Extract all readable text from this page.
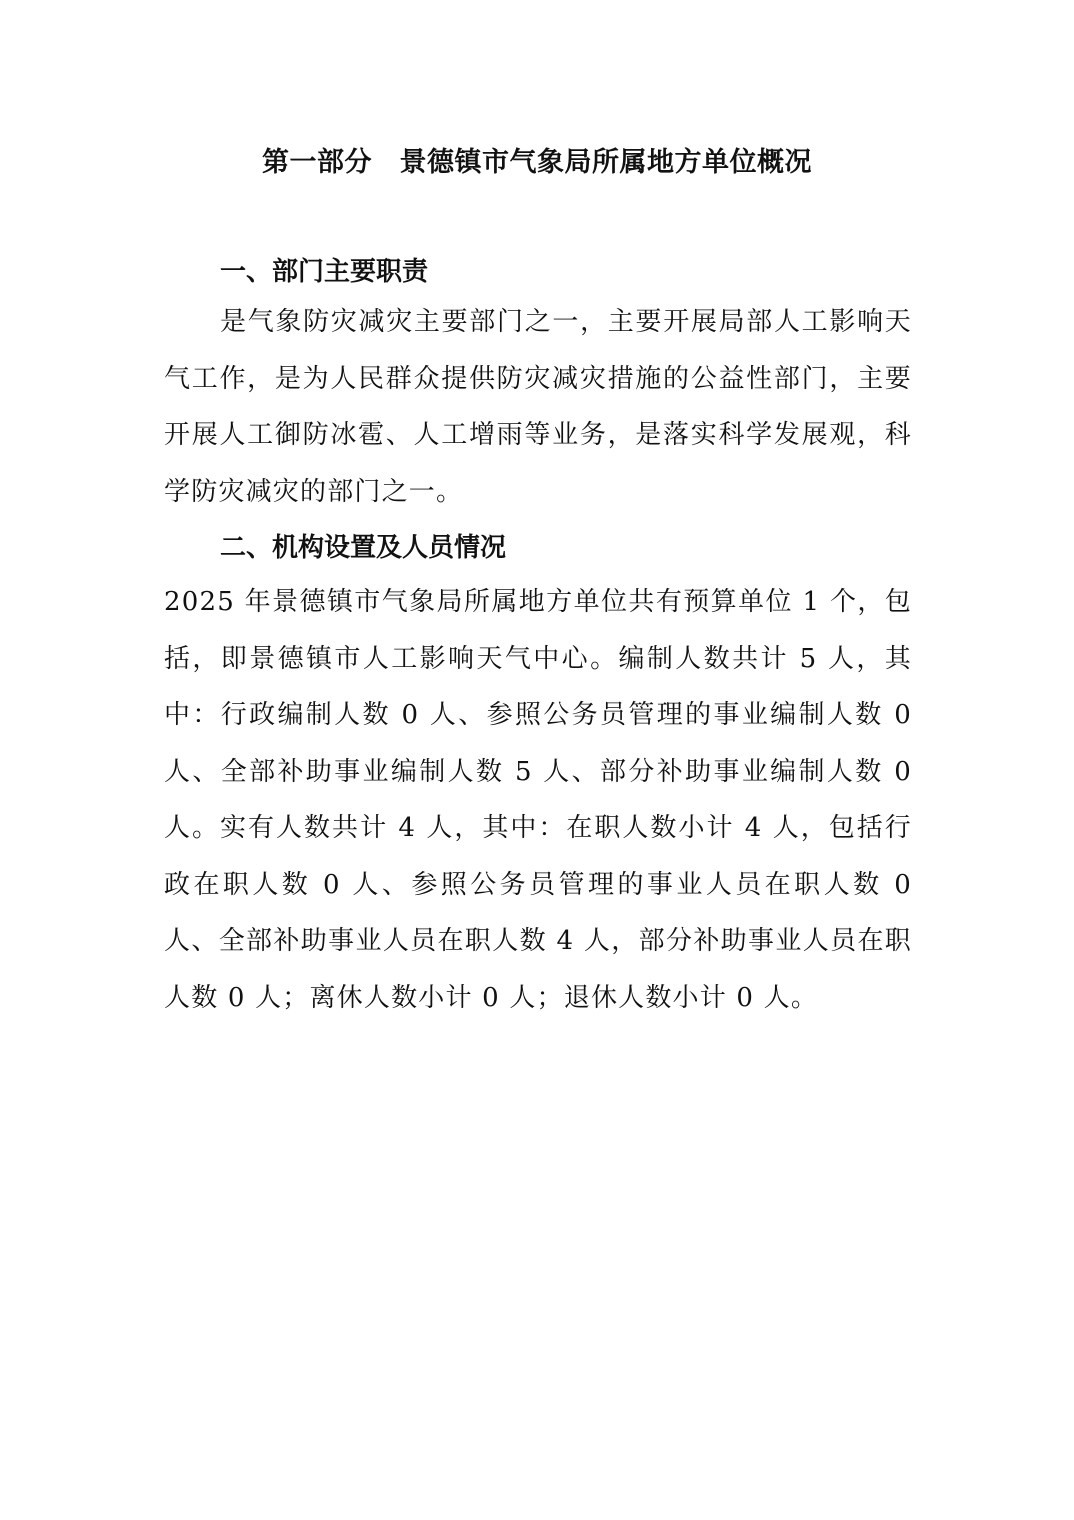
第一部分　景德镇市气象局所属地方单位概况
一、部门主要职责

是气象防灾减灾主要部门之一，主要开展局部人工影响天气工作，是为人民群众提供防灾减灾措施的公益性部门，主要开展人工御防冰雹、人工增雨等业务，是落实科学发展观，科学防灾减灾的部门之一。

二、机构设置及人员情况

2025 年景德镇市气象局所属地方单位共有预算单位 1 个，包括，即景德镇市人工影响天气中心。编制人数共计 5 人，其中：行政编制人数 0 人、参照公务员管理的事业编制人数 0 人、全部补助事业编制人数 5 人、部分补助事业编制人数 0 人。实有人数共计 4 人，其中：在职人数小计 4 人，包括行政在职人数 0 人、参照公务员管理的事业人员在职人数 0 人、全部补助事业人员在职人数 4 人，部分补助事业人员在职人数 0 人；离休人数小计 0 人；退休人数小计 0 人。
